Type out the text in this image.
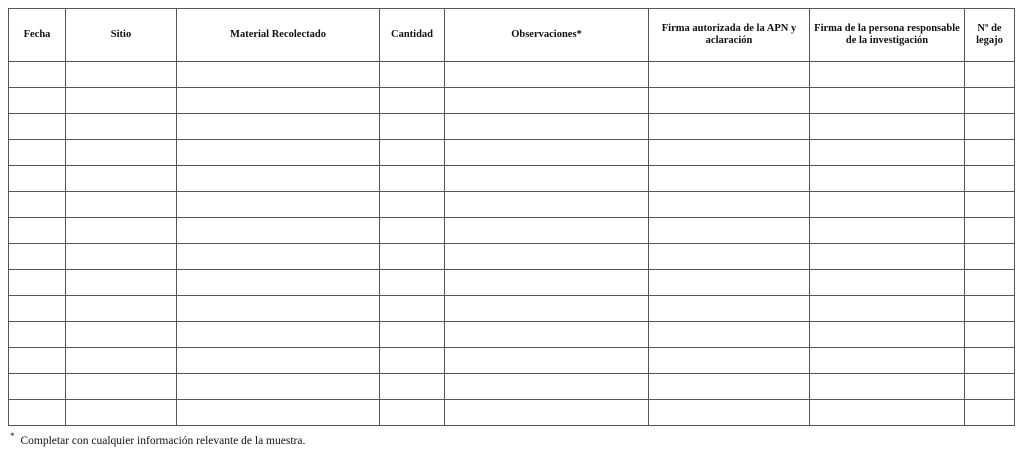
Fecha	Sitio	Material Recolectado	Cantidad	Observaciones*	Firma autorizada de la APN y aclaración	Firma de la persona responsable de la investigación	Nº de legajo

* Completar con cualquier información relevante de la muestra.
